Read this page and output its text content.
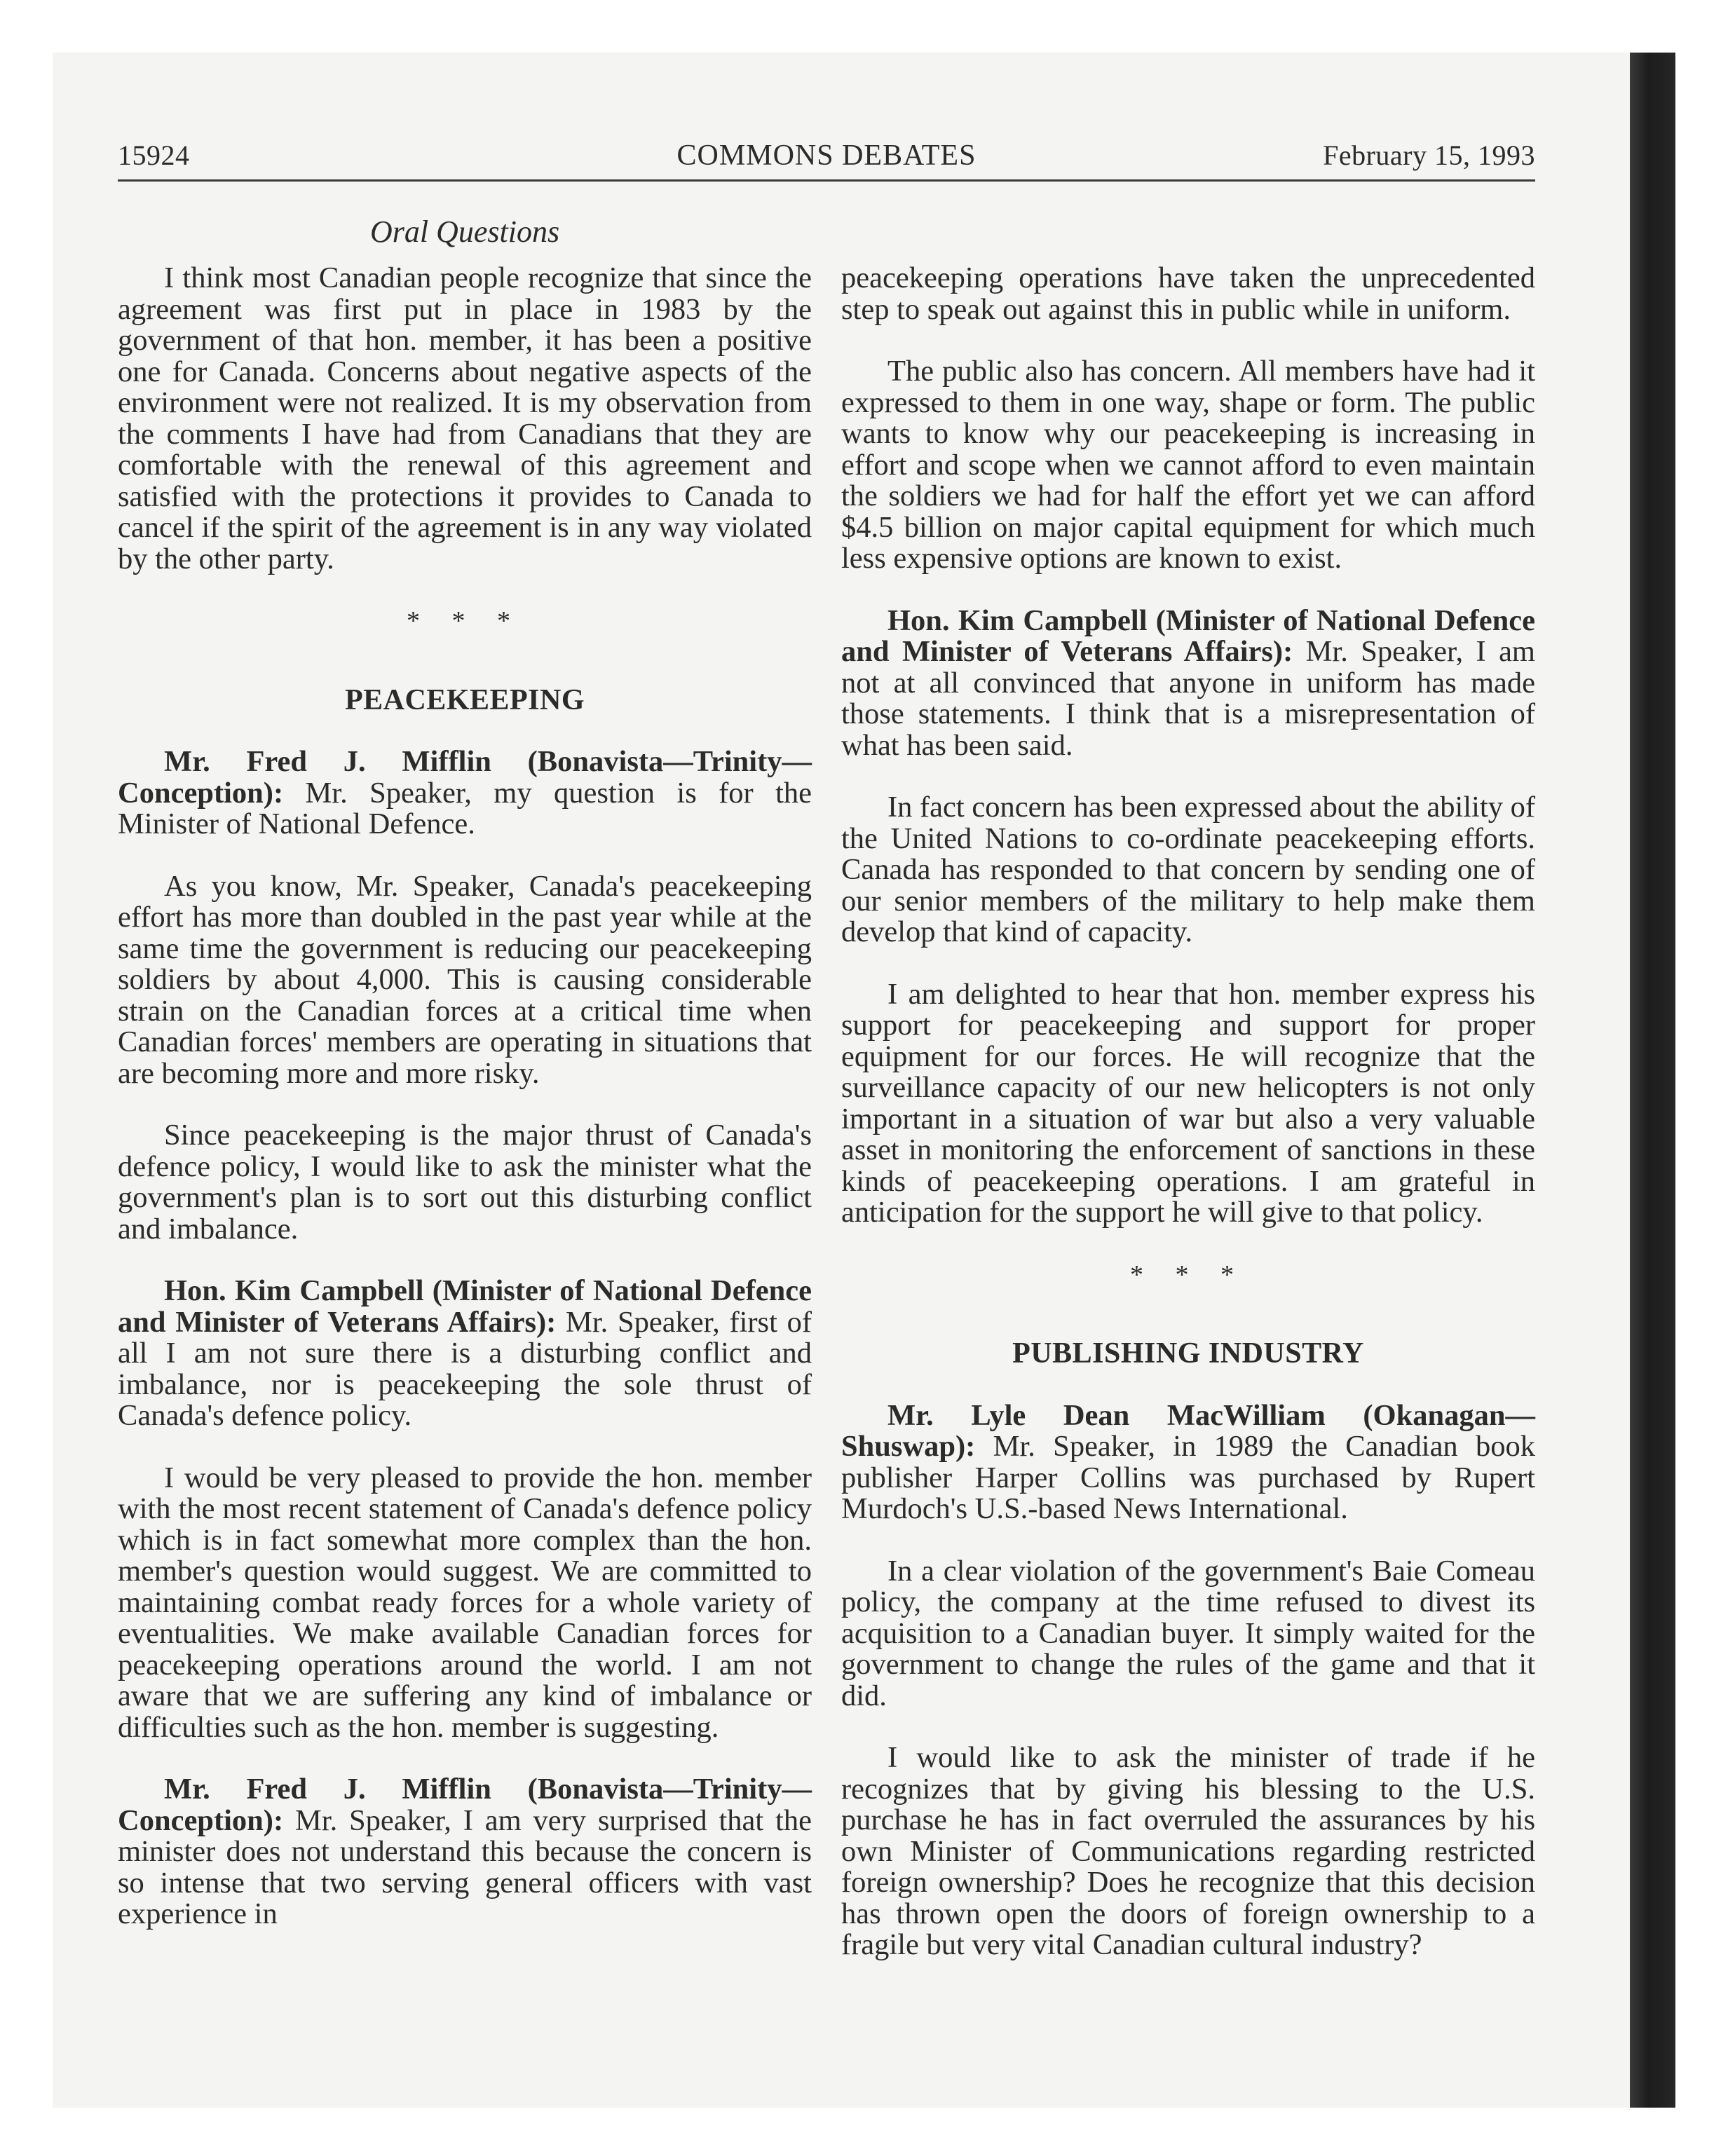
15924	COMMONS DEBATES	February 15, 1993
Oral Questions

I think most Canadian people recognize that since the agreement was first put in place in 1983 by the government of that hon. member, it has been a positive one for Canada. Concerns about negative aspects of the environment were not realized. It is my observation from the comments I have had from Canadians that they are comfortable with the renewal of this agreement and satisfied with the protections it provides to Canada to cancel if the spirit of the agreement is in any way violated by the other party.

* * *
PEACEKEEPING

Mr. Fred J. Mifflin (Bonavista—Trinity—Conception): Mr. Speaker, my question is for the Minister of National Defence.

As you know, Mr. Speaker, Canada's peacekeeping effort has more than doubled in the past year while at the same time the government is reducing our peacekeeping soldiers by about 4,000. This is causing considerable strain on the Canadian forces at a critical time when Canadian forces' members are operating in situations that are becoming more and more risky.

Since peacekeeping is the major thrust of Canada's defence policy, I would like to ask the minister what the government's plan is to sort out this disturbing conflict and imbalance.

Hon. Kim Campbell (Minister of National Defence and Minister of Veterans Affairs): Mr. Speaker, first of all I am not sure there is a disturbing conflict and imbalance, nor is peacekeeping the sole thrust of Canada's defence policy.

I would be very pleased to provide the hon. member with the most recent statement of Canada's defence policy which is in fact somewhat more complex than the hon. member's question would suggest. We are committed to maintaining combat ready forces for a whole variety of eventualities. We make available Canadian forces for peacekeeping operations around the world. I am not aware that we are suffering any kind of imbalance or difficulties such as the hon. member is suggesting.

Mr. Fred J. Mifflin (Bonavista—Trinity—Conception): Mr. Speaker, I am very surprised that the minister does not understand this because the concern is so intense that two serving general officers with vast experience in

peacekeeping operations have taken the unprecedented step to speak out against this in public while in uniform.

The public also has concern. All members have had it expressed to them in one way, shape or form. The public wants to know why our peacekeeping is increasing in effort and scope when we cannot afford to even maintain the soldiers we had for half the effort yet we can afford $4.5 billion on major capital equipment for which much less expensive options are known to exist.

Hon. Kim Campbell (Minister of National Defence and Minister of Veterans Affairs): Mr. Speaker, I am not at all convinced that anyone in uniform has made those statements. I think that is a misrepresentation of what has been said.

In fact concern has been expressed about the ability of the United Nations to co-ordinate peacekeeping efforts. Canada has responded to that concern by sending one of our senior members of the military to help make them develop that kind of capacity.

I am delighted to hear that hon. member express his support for peacekeeping and support for proper equipment for our forces. He will recognize that the surveillance capacity of our new helicopters is not only important in a situation of war but also a very valuable asset in monitoring the enforcement of sanctions in these kinds of peacekeeping operations. I am grateful in anticipation for the support he will give to that policy.

* * *
PUBLISHING INDUSTRY

Mr. Lyle Dean MacWilliam (Okanagan—Shuswap): Mr. Speaker, in 1989 the Canadian book publisher Harper Collins was purchased by Rupert Murdoch's U.S.-based News International.

In a clear violation of the government's Baie Comeau policy, the company at the time refused to divest its acquisition to a Canadian buyer. It simply waited for the government to change the rules of the game and that it did.

I would like to ask the minister of trade if he recognizes that by giving his blessing to the U.S. purchase he has in fact overruled the assurances by his own Minister of Communications regarding restricted foreign ownership? Does he recognize that this decision has thrown open the doors of foreign ownership to a fragile but very vital Canadian cultural industry?
